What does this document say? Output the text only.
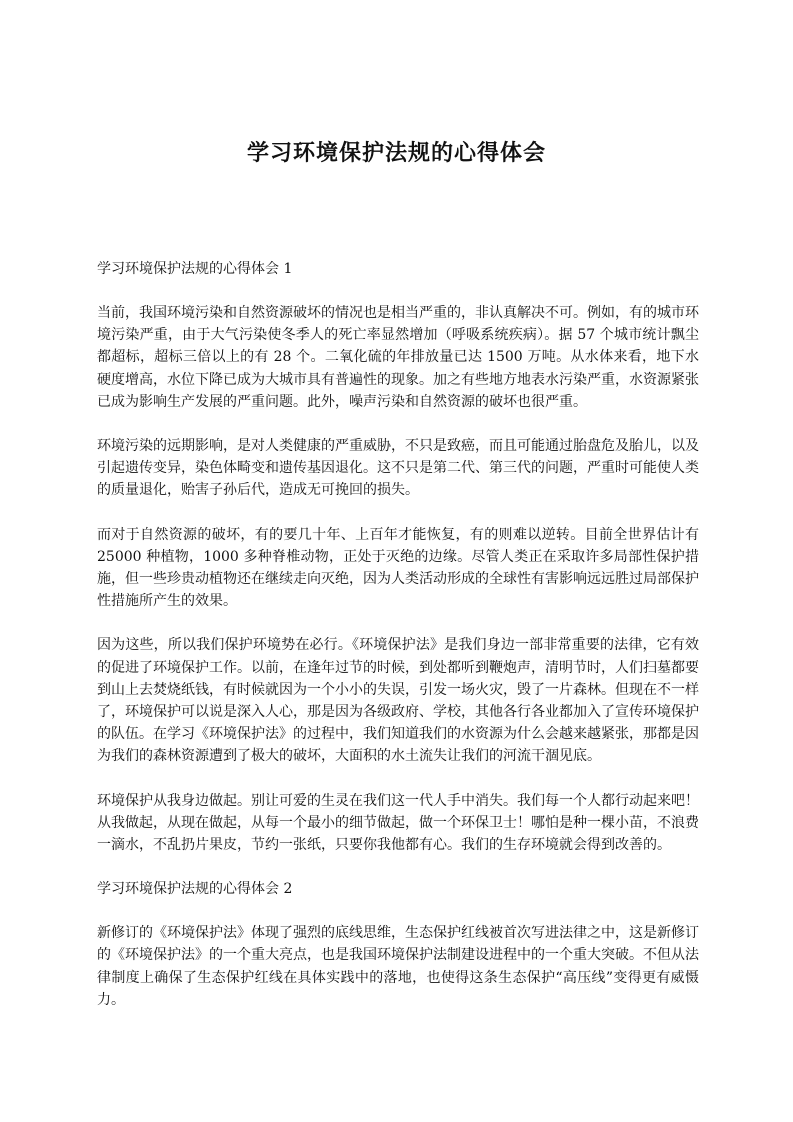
学习环境保护法规的心得体会
学习环境保护法规的心得体会 1

当前，我国环境污染和自然资源破坏的情况也是相当严重的，非认真解决不可。例如，有的城市环境污染严重，由于大气污染使冬季人的死亡率显然增加（呼吸系统疾病）。据 57 个城市统计飘尘都超标，超标三倍以上的有 28 个。二氧化硫的年排放量已达 1500 万吨。从水体来看，地下水硬度增高，水位下降已成为大城市具有普遍性的现象。加之有些地方地表水污染严重，水资源紧张已成为影响生产发展的严重问题。此外，噪声污染和自然资源的破坏也很严重。

环境污染的远期影响，是对人类健康的严重威胁，不只是致癌，而且可能通过胎盘危及胎儿，以及引起遗传变异，染色体畸变和遗传基因退化。这不只是第二代、第三代的问题，严重时可能使人类的质量退化，贻害子孙后代，造成无可挽回的损失。

而对于自然资源的破坏，有的要几十年、上百年才能恢复，有的则难以逆转。目前全世界估计有 25000 种植物，1000 多种脊椎动物，正处于灭绝的边缘。尽管人类正在采取许多局部性保护措施，但一些珍贵动植物还在继续走向灭绝，因为人类活动形成的全球性有害影响远远胜过局部保护性措施所产生的效果。

因为这些，所以我们保护环境势在必行。《环境保护法》是我们身边一部非常重要的法律，它有效的促进了环境保护工作。以前，在逢年过节的时候，到处都听到鞭炮声，清明节时，人们扫墓都要到山上去焚烧纸钱，有时候就因为一个小小的失误，引发一场火灾，毁了一片森林。但现在不一样了，环境保护可以说是深入人心，那是因为各级政府、学校，其他各行各业都加入了宣传环境保护的队伍。在学习《环境保护法》的过程中，我们知道我们的水资源为什么会越来越紧张，那都是因为我们的森林资源遭到了极大的破坏，大面积的水土流失让我们的河流干涸见底。

环境保护从我身边做起。别让可爱的生灵在我们这一代人手中消失。我们每一个人都行动起来吧！从我做起，从现在做起，从每一个最小的细节做起，做一个环保卫士！哪怕是种一棵小苗，不浪费一滴水，不乱扔片果皮，节约一张纸，只要你我他都有心。我们的生存环境就会得到改善的。

学习环境保护法规的心得体会 2

新修订的《环境保护法》体现了强烈的底线思维，生态保护红线被首次写进法律之中，这是新修订的《环境保护法》的一个重大亮点，也是我国环境保护法制建设进程中的一个重大突破。不但从法律制度上确保了生态保护红线在具体实践中的落地，也使得这条生态保护“高压线”变得更有威慑力。
